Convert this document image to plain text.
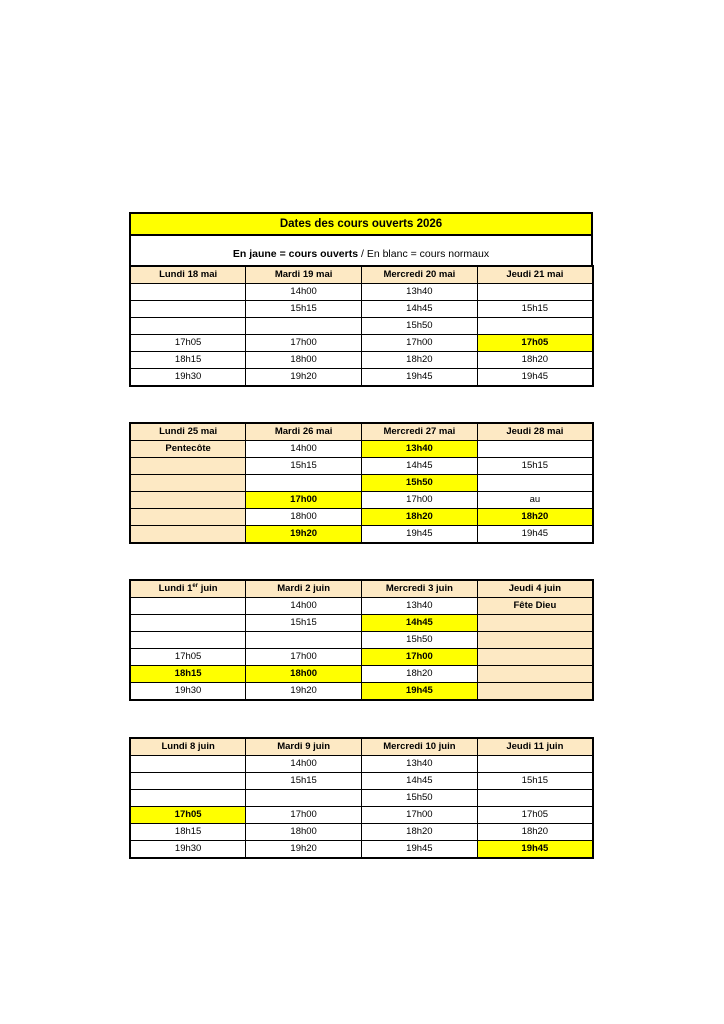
Dates des cours ouverts 2026
En jaune = cours ouverts / En blanc = cours normaux
Lundi 18 mai	Mardi 19 mai	Mercredi 20 mai	Jeudi 21 mai
	14h00	13h40	
	15h15	14h45	15h15
		15h50	
17h05	17h00	17h00	17h05
18h15	18h00	18h20	18h20
19h30	19h20	19h45	19h45
Lundi 25 mai	Mardi 26 mai	Mercredi 27 mai	Jeudi 28 mai
Pentecôte	14h00	13h40	
	15h15	14h45	15h15
		15h50	
	17h00	17h00	au
	18h00	18h20	18h20
	19h20	19h45	19h45
Lundi 1er juin	Mardi 2 juin	Mercredi 3 juin	Jeudi 4 juin
	14h00	13h40	Fête Dieu
	15h15	14h45	
		15h50	
17h05	17h00	17h00	
18h15	18h00	18h20	
19h30	19h20	19h45	
Lundi 8 juin	Mardi 9 juin	Mercredi 10 juin	Jeudi 11 juin
	14h00	13h40	
	15h15	14h45	15h15
		15h50	
17h05	17h00	17h00	17h05
18h15	18h00	18h20	18h20
19h30	19h20	19h45	19h45
